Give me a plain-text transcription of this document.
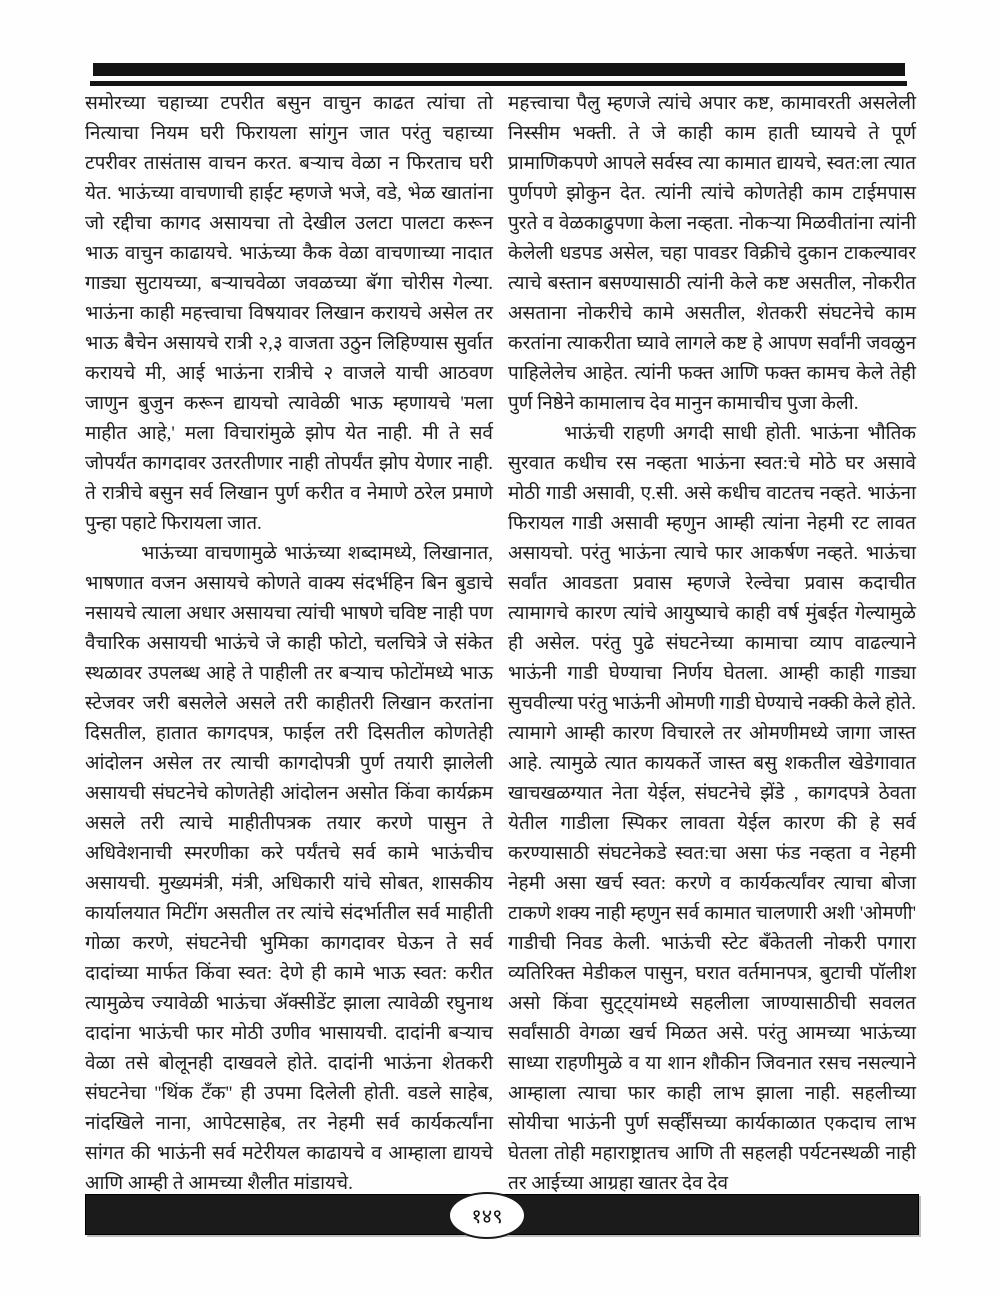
समोरच्या चहाच्या टपरीत बसुन वाचुन काढत त्यांचा तो नित्याचा नियम घरी फिरायला सांगुन जात परंतु चहाच्या टपरीवर तासंतास वाचन करत. बऱ्याच वेळा न फिरताच घरी येत. भाऊंच्या वाचणाची हाईट म्हणजे भजे, वडे, भेळ खातांना जो रद्दीचा कागद असायचा तो देखील उलटा पालटा करून भाऊ वाचुन काढायचे. भाऊंच्या कैक वेळा वाचणाच्या नादात गाड्या सुटायच्या, बऱ्याचवेळा जवळच्या बॅगा चोरीस गेल्या. भाऊंना काही महत्त्वाचा विषयावर लिखान करायचे असेल तर भाऊ बैचेन असायचे रात्री २,३ वाजता उठुन लिहिण्यास सुर्वात करायचे मी, आई भाऊंना रात्रीचे २ वाजले याची आठवण जाणुन बुजुन करून द्यायचो त्यावेळी भाऊ म्हणायचे 'मला माहीत आहे,' मला विचारांमुळे झोप येत नाही. मी ते सर्व जोपर्यंत कागदावर उतरतीणार नाही तोपर्यंत झोप येणार नाही. ते रात्रीचे बसुन सर्व लिखान पुर्ण करीत व नेमाणे ठरेल प्रमाणे पुन्हा पहाटे फिरायला जात.

भाऊंच्या वाचणामुळे भाऊंच्या शब्दामध्ये, लिखानात, भाषणात वजन असायचे कोणते वाक्य संदर्भहिन बिन बुडाचे नसायचे त्याला अधार असायचा त्यांची भाषणे चविष्ट नाही पण वैचारिक असायची भाऊंचे जे काही फोटो, चलचित्रे जे संकेत स्थळावर उपलब्ध आहे ते पाहीली तर बऱ्याच फोटोंमध्ये भाऊ स्टेजवर जरी बसलेले असले तरी काहीतरी लिखान करतांना दिसतील, हातात कागदपत्र, फाईल तरी दिसतील कोणतेही आंदोलन असेल तर त्याची कागदोपत्री पुर्ण तयारी झालेली असायची संघटनेचे कोणतेही आंदोलन असोत किंवा कार्यक्रम असले तरी त्याचे माहीतीपत्रक तयार करणे पासुन ते अधिवेशनाची स्मरणीका करे पर्यंतचे सर्व कामे भाऊंचीच असायची. मुख्यमंत्री, मंत्री, अधिकारी यांचे सोबत, शासकीय कार्यालयात मिटींग असतील तर त्यांचे संदर्भातील सर्व माहीती गोळा करणे, संघटनेची भुमिका कागदावर घेऊन ते सर्व दादांच्या मार्फत किंवा स्वत: देणे ही कामे भाऊ स्वत: करीत त्यामुळेच ज्यावेळी भाऊंचा ॲक्सीडेंट झाला त्यावेळी रघुनाथ दादांना भाऊंची फार मोठी उणीव भासायची. दादांनी बऱ्याच वेळा तसे बोलूनही दाखवले होते. दादांनी भाऊंना शेतकरी संघटनेचा ''थिंक टँक'' ही उपमा दिलेली होती. वडले साहेब, नांदखिले नाना, आपेटसाहेब, तर नेहमी सर्व कार्यकर्त्यांना सांगत की भाऊंनी सर्व मटेरीयल काढायचे व आम्हाला द्यायचे आणि आम्ही ते आमच्या शैलीत मांडायचे.

महत्त्वाचा पैलु म्हणजे त्यांचे अपार कष्ट, कामावरती असलेली निस्सीम भक्ती. ते जे काही काम हाती घ्यायचे ते पूर्ण प्रामाणिकपणे आपले सर्वस्व त्या कामात द्यायचे, स्वत:ला त्यात पुर्णपणे झोकुन देत. त्यांनी त्यांचे कोणतेही काम टाईमपास पुरते व वेळकाढुपणा केला नव्हता. नोकऱ्या मिळवीतांना त्यांनी केलेली धडपड असेल, चहा पावडर विक्रीचे दुकान टाकल्यावर त्याचे बस्तान बसण्यासाठी त्यांनी केले कष्ट असतील, नोकरीत असताना नोकरीचे कामे असतील, शेतकरी संघटनेचे काम करतांना त्याकरीता घ्यावे लागले कष्ट हे आपण सर्वांनी जवळुन पाहिलेलेच आहेत. त्यांनी फक्त आणि फक्त कामच केले तेही पुर्ण निष्ठेने कामालाच देव मानुन कामाचीच पुजा केली.

भाऊंची राहणी अगदी साधी होती. भाऊंना भौतिक सुरवात कधीच रस नव्हता भाऊंना स्वत:चे मोठे घर असावे मोठी गाडी असावी, ए.सी. असे कधीच वाटतच नव्हते. भाऊंना फिरायल गाडी असावी म्हणुन आम्ही त्यांना नेहमी रट लावत असायचो. परंतु भाऊंना त्याचे फार आकर्षण नव्हते. भाऊंचा सर्वांत आवडता प्रवास म्हणजे रेल्वेचा प्रवास कदाचीत त्यामागचे कारण त्यांचे आयुष्याचे काही वर्ष मुंबईत गेल्यामुळे ही असेल. परंतु पुढे संघटनेच्या कामाचा व्याप वाढल्याने भाऊंनी गाडी घेण्याचा निर्णय घेतला. आम्ही काही गाड्या सुचवील्या परंतु भाऊंनी ओमणी गाडी घेण्याचे नक्की केले होते. त्यामागे आम्ही कारण विचारले तर ओमणीमध्ये जागा जास्त आहे. त्यामुळे त्यात कायकर्ते जास्त बसु शकतील खेडेगावात खाचखळग्यात नेता येईल, संघटनेचे झेंडे , कागदपत्रे ठेवता येतील गाडीला स्पिकर लावता येईल कारण की हे सर्व करण्यासाठी संघटनेकडे स्वत:चा असा फंड नव्हता व नेहमी नेहमी असा खर्च स्वत: करणे व कार्यकर्त्यांवर त्याचा बोजा टाकणे शक्य नाही म्हणुन सर्व कामात चालणारी अशी 'ओमणी' गाडीची निवड केली. भाऊंची स्टेट बँकेतली नोकरी पगारा व्यतिरिक्त मेडीकल पासुन, घरात वर्तमानपत्र, बुटाची पॉलीश असो किंवा सुट्ट्यांमध्ये सहलीला जाण्यासाठीची सवलत सर्वांसाठी वेगळा खर्च मिळत असे. परंतु आमच्या भाऊंच्या साध्या राहणीमुळे व या शान शौकीन जिवनात रसच नसल्याने आम्हाला त्याचा फार काही लाभ झाला नाही. सहलीच्या सोयीचा भाऊंनी पुर्ण सर्व्हींसच्या कार्यकाळात एकदाच लाभ घेतला तोही महाराष्ट्रातच आणि ती सहलही पर्यटनस्थळी नाही तर आईच्या आग्रहा खातर देव देव

१४९
